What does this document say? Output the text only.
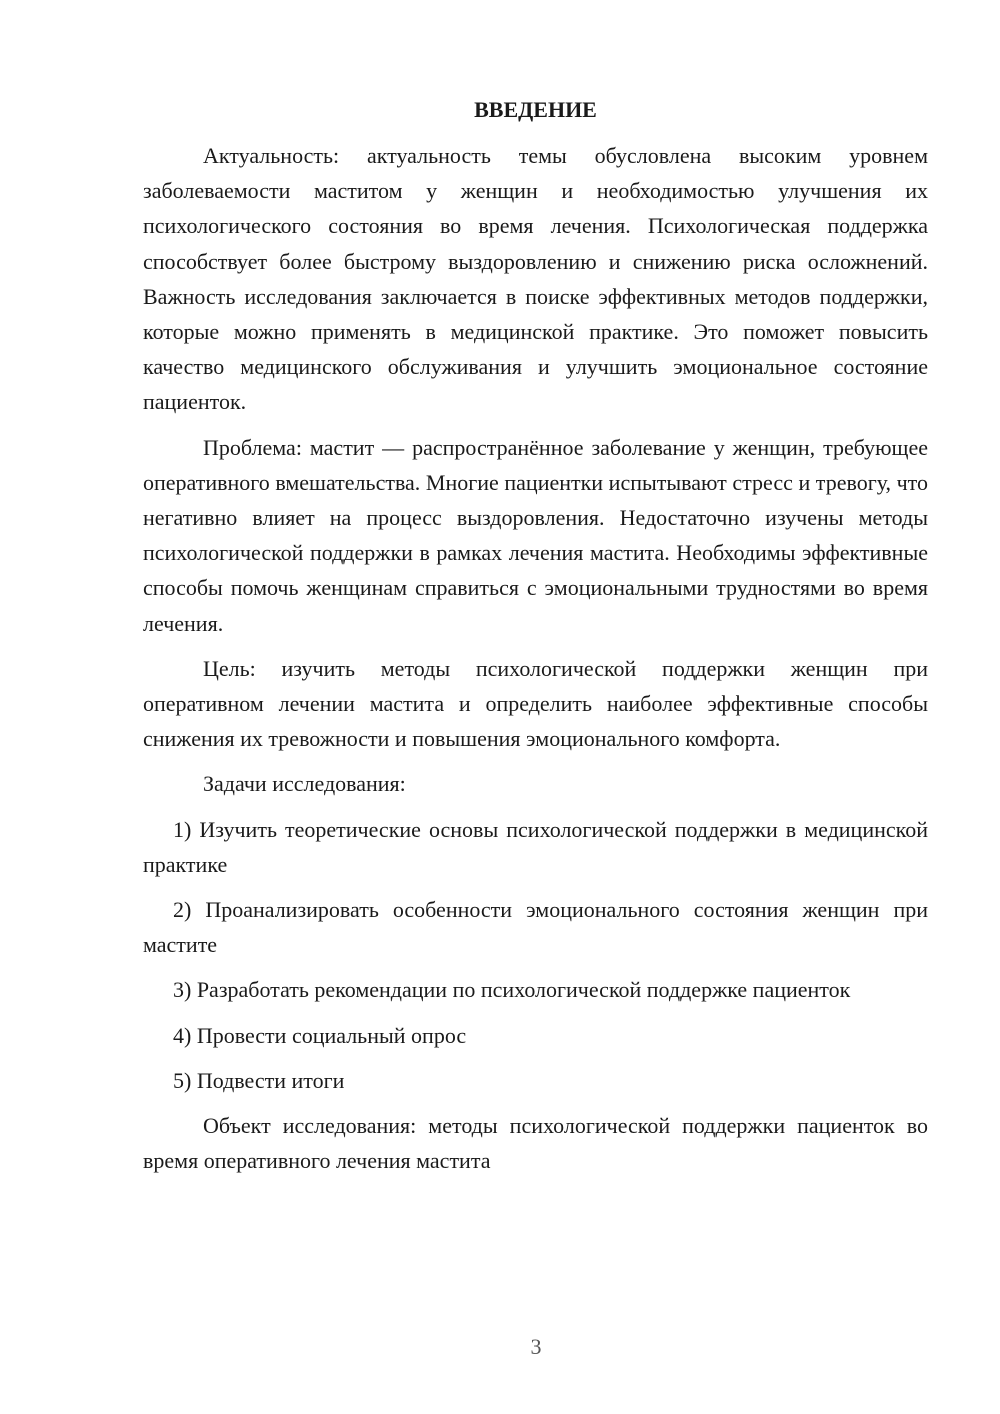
ВВЕДЕНИЕ

Актуальность: актуальность темы обусловлена высоким уровнем заболеваемости маститом у женщин и необходимостью улучшения их психологического состояния во время лечения. Психологическая поддержка способствует более быстрому выздоровлению и снижению риска осложнений. Важность исследования заключается в поиске эффективных методов поддержки, которые можно применять в медицинской практике. Это поможет повысить качество медицинского обслуживания и улучшить эмоциональное состояние пациенток.

Проблема: мастит — распространённое заболевание у женщин, требующее оперативного вмешательства. Многие пациентки испытывают стресс и тревогу, что негативно влияет на процесс выздоровления. Недостаточно изучены методы психологической поддержки в рамках лечения мастита. Необходимы эффективные способы помочь женщинам справиться с эмоциональными трудностями во время лечения.

Цель: изучить методы психологической поддержки женщин при оперативном лечении мастита и определить наиболее эффективные способы снижения их тревожности и повышения эмоционального комфорта.

Задачи исследования:

1) Изучить теоретические основы психологической поддержки в медицинской практике

2) Проанализировать особенности эмоционального состояния женщин при мастите

3) Разработать рекомендации по психологической поддержке пациенток

4) Провести социальный опрос

5) Подвести итоги

Объект исследования: методы психологической поддержки пациенток во время оперативного лечения мастита

3
